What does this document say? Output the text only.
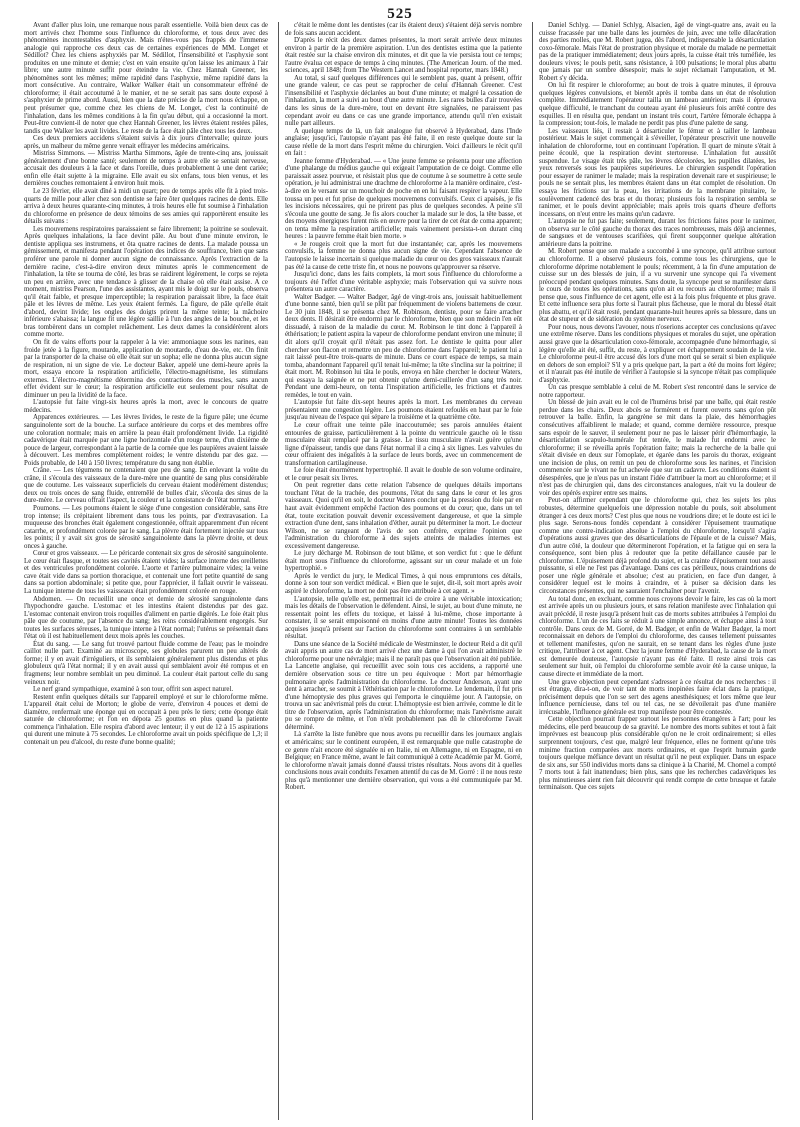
525

Avant d'aller plus loin, une remarque nous paraît essentielle. Voilà bien deux cas de mort arrivés chez l'homme sous l'influence du chloroforme, et tous deux avec des phénomènes incontestables d'asphyxie. Mais n'étes-vous pas frappés de l'immense analogie qui rapproche ces deux cas de certaines expériences de MM. Longet et Sédillot? Chez les chiens asphyxiés par M. Sédillot, l'insensibilité et l'asphyxie sont produites en une minute et demie; c'est en vain ensuite qu'on laisse les animaux à l'air libre; une autre minute suffit pour éteindre la vie. Chez Hannah Greener, les phénomènes sont les mêmes; même rapidité dans l'asphyxie, même rapidité dans la mort consécutive. Au contraire, Walker Walker était un consommateur effréné de chloroforme; il était accoutumé à le manier, et ne se serait pas sans doute exposé à s'asphyxier de prime abord. Aussi, bien que la date précise de la mort nous échappe, on peut présumer que, comme chez les chiens de M. Longet, c'est la continuité de l'inhalation, dans les mêmes conditions à la fin qu'au début, qui a occasionné la mort. Peut-être convient-il de noter que chez Hannah Greener, les lèvres étaient restées pâles, tandis que Walker les avait livides. Le reste de la face était pâle chez tous les deux.

Ces deux premiers accidens s'étaient suivis à dix jours d'intervalle; quinze jours après, un malheur du même genre venait effrayer les médecins américains.

Mistriss Simmons. — Mistriss Martha Simmons, âgée de trente-cinq ans, jouissait généralement d'une bonne santé; seulement de temps à autre elle se sentait nerveuse, accusait des douleurs à la face et dans l'oreille, dues probablement à une dent cariée; enfin elle était sujette à la migraine. Elle avait eu six enfans, tous bien venus, et les dernières couches remontaient à environ huit mois.

Le 23 février, elle avait dîné à midi un quart; peu de temps après elle fit à pied trois-quarts de mille pour aller chez son dentiste se faire ôter quelques racines de dents. Elle arriva à deux heures quarante-cinq minutes, à trois heures elle fut soumise à l'inhalation du chloroforme en présence de deux témoins de ses amies qui rapportèrent ensuite les détails suivans :

Les mouvemens respiratoires paraissaient se faire librement; la poitrine se soulevait. Après quelques inhalations, la face devint pâle. Au bout d'une minute environ, le dentiste appliqua ses instrumens, et ôta quatre racines de dents. La malade poussa un gémissement, et manifesta pendant l'opération des indices de souffrance, bien que sans proférer une parole ni donner aucun signe de connaissance. Après l'extraction de la dernière racine, c'est-à-dire environ deux minutes après le commencement de l'inhalation, la tête se tourna de côté, les bras se raidirent légèrement, le corps se rejeta un peu en arrière, avec une tendance à glisser de la chaise où elle était assise. A ce moment, mistriss Pearson, l'une des assistantes, ayant mis le doigt sur le pouls, observa qu'il était faible, et presque imperceptible; la respiration paraissait libre, la face était pâle et les lèvres de même. Les yeux étaient fermés. La figure, de pâle qu'elle était d'abord, devint livide; les ongles des doigts prirent la même teinte; la mâchoire inférieure s'abaissa; la langue fit une légère saillie à l'un des angles de la bouche, et les bras tombèrent dans un complet relâchement. Les deux dames la considérèrent alors comme morte.

On fit de vains efforts pour la rappeler à la vie: ammoniaque sous les narines, eau froide jetée à la figure, moutarde, application de moutarde, d'eau de-vie, etc. On finit par la transporter de la chaise où elle était sur un sopha; elle ne donna plus aucun signe de respiration, ni un signe de vie. Le docteur Baker, appelé une demi-heure après la mort, essaya encore la respiration artificielle, l'électro-magnétisme, les stimulans externes. L'électro-magnétisme détermina des contractions des muscles, sans aucun effet évident sur le cœur; la respiration artificielle eut seulement pour résultat de diminuer un peu la lividité de la face.

L'autopsie fut faite vingt-six heures après la mort, avec le concours de quatre médecins.

Apparences extérieures. — Les lèvres livides, le reste de la figure pâle; une écume sanguinolente sort de la bouche. La surface antérieure du corps et des membres offre une coloration normale; mais en arrière la peau était profondément livide. La rigidité cadavérique était marquée par une ligne horizontale d'un rouge terne, d'un dixième de pouce de largeur, correspondant à la partie de la cornée que les paupières avaient laissée à découvert. Les membres complètement roides; le ventre distendu par des gaz. — Poids probable, de 140 à 150 livres; température du sang non établie.

Crâne. — Les tégumens ne contenaient que peu de sang. En enlevant la voûte du crâne, il s'écoula des vaisseaux de la dure-mère une quantité de sang plus considérable que de coutume. Les vaisseaux superficiels du cerveau étaient modérément distendus; deux ou trois onces de sang fluide, entremêlé de bulles d'air, s'écoula des sinus de la dure-mère. Le cerveau offrait l'aspect, la couleur et la consistance de l'état normal.

Poumons. — Les poumons étaient le siège d'une congestion considérable, sans être trop intense; ils crépitaient librement dans tous les points, par d'extravasation. La muqueuse des bronches était également congestionnée, offrait apparemment d'un récent catarrhe, et profondément colorée par le sang. La plèvre était fortement injectée sur tous les points; il y avait six gros de sérosité sanguinolente dans la plèvre droite, et deux onces à gauche.

Cœur et gros vaisseaux. — Le péricarde contenait six gros de sérosité sanguinolente. Le cœur était flasque, et toutes ses cavités étaient vides; la surface interne des oreillettes et des ventricules profondément colorée. L'aorte et l'artère pulmonaire vides; la veine cave était vide dans sa portion thoracique, et contenait une fort petite quantité de sang dans sa portion abdominale; si petite que, pour l'apprécier, il fallait ouvrir le vaisseau. La tunique interne de tous les vaisseaux était profondément colorée en rouge.

Abdomen. — On recueillit une once et demie de sérosité sanguinolente dans l'hypochondre gauche. L'estomac et les intestins étaient distendus par des gaz. L'estomac contenait environ trois roquilles d'aliment en partie digérés. Le foie était plus pâle que de coutume, par l'absence du sang; les reins considérablement engorgés. Sur toutes les surfaces séreuses, la tunique interne à l'état normal; l'utérus se présentait dans l'état où il est habituellement deux mois après les couches.

État du sang. — Le sang fut trouvé partout fluide comme de l'eau; pas le moindre caillot nulle part. Examiné au microscope, ses globules parurent un peu altérés de forme; il y en avait d'irréguliers, et ils semblaient généralement plus distendus et plus globuleux qu'à l'état normal; il y en avait aussi qui semblaient avoir été rompus et en fragmens; leur nombre semblait un peu diminué. La couleur était partout celle du sang veineux noir.

Le nerf grand sympathique, examiné à son tour, offrit son aspect naturel.

Restent enfin quelques détails sur l'appareil employé et sur le chloroforme même. L'appareil était celui de Morton; le globe de verre, d'environ 4 pouces et demi de diamètre, renfermait une éponge qui en occupait à peu près le tiers; cette éponge était saturée de chloroforme; et l'on en dépota 25 gouttes en plus quand la patiente commença l'inhalation. Elle respira d'abord avec lenteur; il y eut de 12 à 15 aspirations qui durent une minute à 75 secondes. Le chloroforme avait un poids spécifique de 1,3; il contenait un peu d'alcool, du reste d'une bonne qualité;

c'était le même dont les dentistes (car ils étaient deux) s'étaient déjà servis nombre de fois sans aucun accident.

D'après le récit des deux dames présentes, la mort serait arrivée deux minutes environ à partir de la première aspiration. L'un des dentistes estima que la patiente était restée sur la chaise environ dix minutes, et dit que la vie persista tout ce temps; l'autre évalua cet espace de temps à cinq minutes. (The American Journ. of the med. sciences, april 1848; from The Western Lancet and hospital reporter, mars 1848.)

Au total, si sauf quelques différences qui le semblent pas, quant à présent, offrir une grande valeur, ce cas peut se rapprocher de celui d'Hannah Greener. C'est l'insensibilité et l'asphyxie déclarées au bout d'une minute; et malgré la cessation de l'inhalation, la mort a suivi au bout d'une autre minute. Les rares bulles d'air trouvées dans les sinus de la dure-mère, tout en devant être signalées, ne paraissent pas cependant avoir eu dans ce cas une grande importance, attendu qu'il n'en existait nulle part ailleurs.

A quelque temps de là, un fait analogue fut observé à Hyderabad, dans l'Inde anglaise; jusqu'ici, l'autopsie n'ayant pas été faite, il en reste quelque doute sur la cause réelle de la mort dans l'esprit même du chirurgien. Voici d'ailleurs le récit qu'il en fait :

Jeanne femme d'Hyderabad. — « Une jeune femme se présenta pour une affection d'une phalange du médius gauche qui exigeait l'amputation de ce doigt. Comme elle paraissait assez pourvue, et résistait plus que de coutume à se soumettre à cette seule opération, je lui administrai une drachme de chloroforme à la manière ordinaire, c'est-à-dire en le versant sur un mouchoir de poche en en lui faisant respirer la vapeur. Elle toussa un peu et fut prise de quelques mouvemens convulsifs. Ceux ci apaisés, je fis les incisions nécessaires, qui ne prirent pas plus de quelques secondes. A peine s'il s'écoula une goutte de sang. Je fis alors coucher la malade sur le dos, la tête basse, et des moyens énergiques furent mis en œuvre pour la tirer de cet état de coma apparent; on tenta même la respiration artificielle; mais vainement persista-t-on durant cinq heures : la pauvre femme était bien morte. »

« Je rougeis croit que la mort fut due instantanée; car, après les mouvemens convulsifs, la femme ne donna plus aucun signe de vie. Cependant l'absence de l'autopsie le laisse incertain si quelque maladie du cœur ou des gros vaisseaux n'aurait pas été la cause de cette triste fin, et nous ne pouvons qu'approuver sa réserve.

Jusqu'ici donc, dans les faits complets, la mort sous l'influence du chloroforme a toujours été l'effet d'une véritable asphyxie; mais l'observation qui va suivre nous présentera un autre caractère.

Walter Badger. — Walter Badger, âgé de vingt-trois ans, jouissait habituellement d'une bonne santé, bien qu'il se plût par fréquemment de violens battemens de cœur. Le 30 juin 1848, il se présenta chez M. Robinson, dentiste, pour se faire arracher deux dents. Il désirait être endormi par le chloroforme, bien que son médecin l'en eût dissuadé, à raison de la maladie du cœur. M. Robinson le tint donc à l'appareil à éthérisation; le patient aspira la vapeur de chloroforme pendant environ une minute; il dit alors qu'il croyait qu'il n'était pas assez fort. Le dentiste le quitta pour aller chercher son flacon et remettre un peu de chloroforme dans l'appareil; le patient lui a rait laissé peut-être trois-quarts de minute. Dans ce court espace de temps, sa main tomba, abandonnant l'appareil qu'il tenait lui-même; la tête s'inclina sur la poitrine; il était mort. M. Robinson lui tâta le pouls, envoya en hâte chercher le docteur Waters, qui essaya la saignée et ne put obtenir qu'une demi-cuillerée d'un sang très noir. Pendant une demi-heure, on tenta l'inspiration artificielle, les frictions et d'autres remèdes, le tout en vain.

L'autopsie fut faite dix-sept heures après la mort. Les membranes du cerveau présentaient une congestion légère. Les poumons étaient refoulés en haut par le foie jusqu'au niveau de l'espace qui sépare la troisième et la quatrième côte.

Le cœur offrait une teinte pâle inaccoutumée; ses parois annulées étaient entourées de graisse, particulièrement à la pointe du ventricule gauche où le tissu musculaire était remplacé par la graisse. Le tissu musculaire n'avait guère qu'une ligne d'épaisseur, tandis que dans l'état normal il a cinq à six lignes. Les valvules du cœur offraient des inégalités à la surface de leurs bords, avec un commencement de transformation cartilagineuse.

Le foie était énormément hypertrophié. Il avait le double de son volume ordinaire, et le cœur pesait six livres.

On peut regretter dans cette relation l'absence de quelques détails importans touchant l'état de la trachée, des poumons, l'état du sang dans le cœur et les gros vaisseaux. Quoi qu'il en soit, le docteur Waters conclut que la pression du foie par en haut avait évidemment empêché l'action des poumons et du cœur; que, dans un tel état, toute excitation pouvait devenir excessivement dangereuse, et que la simple extraction d'une dent, sans inhalation d'éther, aurait pu déterminer la mort. Le docteur Wilson, ne se rangeant de l'avis de son confrère, exprime l'opinion que l'administration du chloroforme à des sujets atteints de maladies internes est excessivement dangereuse.

Le jury décharge M. Robinson de tout blâme, et son verdict fut : que le défunt était mort sous l'influence du chloroforme, agissant sur un cœur malade et un foie hypertrophié. »

Après le verdict du jury, le Medical Times, à qui nous empruntons ces détails, donne à son tour son verdict médical. « Bien que le sujet, dit-il, soit mort après avoir aspiré le chloroforme, la mort ne doit pas être attribuée à cet agent. »

L'autopsie, telle qu'elle est, permettrait ici de croire à une véritable intoxication; mais les détails de l'observation le défendent. Ainsi, le sujet, au bout d'une minute, ne ressentait point les effets du toxique, et laissé à lui-même, chose importante à constater, il se serait empoisonné en moins d'une autre minute! Toutes les données acquises jusqu'à présent sur l'action du chloroforme sont contraires à un semblable résultat.

Dans une séance de la Société médicale de Westminster, le docteur Reid a dit qu'il avait appris un autre cas de mort arrivé chez une dame à qui l'on avait administré le chloroforme pour une névralgie; mais il ne paraît pas que l'observation ait été publiée. La Lancette anglaise, qui recueillit avec soin tous ces accidens, a rapporté une dernière observation sous ce titre un peu équivoque : Mort par hémorrhagie pulmonaire après l'administration du chloroforme. Le docteur Anderson, ayant une dent à arracher, se soumit à l'éthérisation par le chloroforme. Le lendemain, il fut pris d'une hémoptysie des plus graves qui l'emporta le cinquième jour. A l'autopsie, on trouva un sac anévrismal près du cœur. L'hémoptysie est bien arrivée, comme le dit le titre de l'observation, après l'administration du chloroforme; mais l'anévrisme aurait pu se rompre de même, et l'on n'eût probablement pas dû le chloroforme l'avait déterminé.

Là s'arrête la liste funèbre que nous avons pu recueillir dans les journaux anglais et américains; sur le continent européen, il est remarquable que nulle catastrophe de ce genre n'ait encore été signalée ni en Italie, ni en Allemagne, ni en Espagne, ni en Belgique; en France même, avant le fait communiqué à cette Académie par M. Gorré, le chloroforme n'avait jamais donné d'aussi tristes résultats. Nous avons dit à quelles conclusions nous avait conduits l'examen attentif du cas de M. Gorré : il ne nous reste plus qu'à mentionner une dernière observation, qui vous a été communiquée par M. Robert.

Daniel Schlyg. — Daniel Schlyg, Alsacien, âgé de vingt-quatre ans, avait eu la cuisse fracassée par une balle dans les journées de juin, avec une telle dilacération des parties molles, que M. Robert jugea, dès l'abord, indispensable la désarticulation coxo-fémorale. Mais l'état de prostration physique et morale du malade ne permettait pas de la pratiquer immédiatement; deux jours après, la cuisse était très tuméfiée, les douleurs vives; le pouls petit, sans résistance, à 100 pulsations; le moral plus abattu que jamais par un sombre désespoir; mais le sujet réclamait l'amputation, et M. Robert s'y décida.

On lui fit respirer le chloroforme; au bout de trois à quatre minutes, il éprouva quelques légères convulsions, et bientôt après il tomba dans un état de résolution complète. Immédiatement l'opérateur tailla un lambeau antérieur; mais il éprouva quelque difficulté, le tranchant du couteau ayant été plusieurs fois arrêté contre des esquilles. Il en résulta que, pendant un instant très court, l'artère fémorale échappa à la compression; tout-fois, le malade ne perdit pas plus d'une palette de sang.

Les vaisseaux liés, il restait à désarticuler le fémur et à tailler le lambeau postérieur. Mais le sujet commençait à s'éveiller, l'opérateur prescrivit une nouvelle inhalation de chloroforme, tout en continuant l'opération. Il quart de minute s'était à peine écoulé, que la respiration devint stertoreuse. L'inhalation fut aussitôt suspendue. Le visage était très pâle, les lèvres décolorées, les pupilles dilatées, les yeux renversés sous les paupières supérieures. Le chirurgien suspendit l'opération pour essayer de ranimer le malade; mais la respiration devenait rare et suspirieuse; le pouls ne se sentait plus, les membres étaient dans un état complet de résolution. On essaya les frictions sur la peau, les irritations de la membrane pituitaire, le soulèvement cadencé des bras et du thorax; plusieurs fois la respiration sembla se ranimer, et le pouls devint appréciable; mais après trois quarts d'heure d'efforts incessans, on n'eut entre les mains qu'un cadavre.

L'autopsie ne fut pas faite; seulement, durant les frictions faites pour le ranimer, on observa sur le côté gauche du thorax des traces nombreuses, mais déjà anciennes, de sangsues et de ventouses scarifiées, qui firent soupçonner quelque altération antérieure dans la poitrine.

M. Robert pense que son malade a succombé à une syncope, qu'il attribue surtout au chloroforme. Il a observé plusieurs fois, comme tous les chirurgiens, que le chloroforme déprime notablement le pouls; récemment, à la fin d'une amputation de cuisse sur un des blessés de juin, il a vu survenir une syncope qui l'a vivement préoccupé pendant quelques minutes. Sans doute, la syncope peut se manifester dans le cours de toutes les opérations, sans qu'on ait eu recours au chloroforme; mais il pense que, sous l'influence de cet agent, elle est à la fois plus fréquente et plus grave. Et cette influence sera plus forte si l'aurait plus fâcheuse, que le moral du blessé était plus abattu, et qu'il était resté, pendant quarante-huit heures après sa blessure, dans un état de stupeur et de sidération du système nerveux.

Pour nous, nous devons l'avouer, nous n'oserions accepter ces conclusions qu'avec une extrême réserve. Dans les conditions physiques et morales du sujet, une opération aussi grave que la désarticulation coxo-fémorale, accompagnée d'une hémorrhagie, si légère qu'elle ait été, suffit, du reste, à expliquer cet échappement soudain de la vie. Le chloroforme peut-il être accusé dès lors d'une mort qui se serait si bien expliquée en dehors de son emploi? S'il y a pris quelque part, la part a été du moins fort légère; et il n'aurait pas été inutile de vérifier à l'autopsie si la syncope n'était pas compliquée d'asphyxie.

Un cas presque semblable à celui de M. Robert s'est rencontré dans le service de notre rapporteur.

Un blessé de juin avait eu le col de l'humérus brisé par une balle, qui était restée perdue dans les chairs. Deux abcès se formèrent et furent ouverts sans qu'on pût retrouver la balle. Enfin, la gangrène se mit dans la plaie, des hémorrhagies consécutives affaiblirent le malade; et quand, comme dernière ressource, presque sans espoir de le sauver, il seulement pour ne pas le laisser périr d'hémorrhagie, la désarticulation scapulo-humérale fut tentée, le malade fut endormi avec le chloroforme; il se réveilla après l'opération faite; mais la recherche de la balle qui s'était divisée en deux sur l'omoplate, et égarée dans les parois du thorax, exigeant une incision de plus, on remit un peu de chloroforme sous les narines, et l'incision commencée sur le vivant ne fut achevée que sur un cadavre. Les conditions étaient si désespérées, que je n'eus pas un instant l'idée d'attribuer la mort au chloroforme; et il n'est pas de chirurgien qui, dans des circonstances analogues, n'ait vu la douleur de voir des opérés expirer entre ses mains.

Peut-on affirmer cependant que le chloroforme qui, chez les sujets les plus robustes, détermine quelquefois une dépression notable du pouls, soit absolument étranger à ces deux morts? C'est plus que nous ne voudrions dire; et le doute est ici le plus sage. Serons-nous fondés cependant à considérer l'épuisement traumatique comme une contre-indication absolue à l'emploi du chloroforme, lorsqu'il s'agira d'opérations aussi graves que des désarticulations de l'épaule et de la cuisse? Mais, d'un autre côté, la douleur que détermineront l'opération, et la fatigue qui en sera la conséquence, sont bien plus à redouter que la petite défaillance causée par le chloroforme. L'épuisement déjà profond du sujet, et la crainte d'épuisement tout aussi puissante, si elle ne l'est pas d'avantage. Dans ces cas périlleux, nous craindrions de poser une règle générale et absolue; c'est au praticien, en face d'un danger, à considérer lequel est le moins à craindre, et à puiser sa décision dans les circonstances présentes, qui ne sauraient l'enchaîner pour l'avenir.

Au total donc, en excluant, comme nous croyons devoir le faire, les cas où la mort est arrivée après un ou plusieurs jours, et sans relation manifeste avec l'inhalation qui avait précédé, il reste jusqu'à présent huit cas de morts subites attribuées à l'emploi du chloroforme. L'un de ces faits se réduit à une simple annonce, et échappe ainsi à tout contrôle. Dans ceux de M. Gorré, de M. Badger, et enfin de Walter Badger, la mort reconnaissait en dehors de l'emploi du chloroforme, des causes tellement puissantes et tellement manifestes, qu'on ne saurait, en se tenant dans les règles d'une juste critique, l'attribuer à cet agent. Chez la jeune femme d'Hyderabad, la cause de la mort est demeurée douteuse, l'autopsie n'ayant pas été faite. Il reste ainsi trois cas seulement sur huit, où l'emploi du chloroforme semble avoir été la cause unique, la cause directe et immédiate de la mort.

Une grave objection peut cependant s'adresser à ce résultat de nos recherches : il est étrange, dira-t-on, de voir tant de morts inopinées faire éclat dans la pratique, précisément depuis que l'on se sert des agens anesthésiques; et lors même que leur influence pernicieuse, dans tel ou tel cas, ne se dévoilerait pas d'une manière irrécusable, l'influence générale est trop manifeste pour être contestée.

Cette objection pourrait frapper surtout les personnes étrangères à l'art; pour les médecins, elle perd beaucoup de sa gravité. Le nombre des morts subites et tout à fait imprévues est beaucoup plus considérable qu'on ne le croit ordinairement; si elles surprennent toujours, c'est que, malgré leur fréquence, elles ne forment qu'une très minime fraction comparées aux morts ordinaires, et que l'esprit humain garde toujours quelque méfiance devant un résultat qu'il ne peut expliquer. Dans un espace de six ans, sur 550 individus morts dans sa clinique à la Charité, M. Chomel a compté 7 morts tout à fait inattendues; bien plus, sans que les recherches cadavériques les plus minutieuses aient rien fait découvrir qui rendit compte de cette brusque et fatale terminaison. Que ces sujets
